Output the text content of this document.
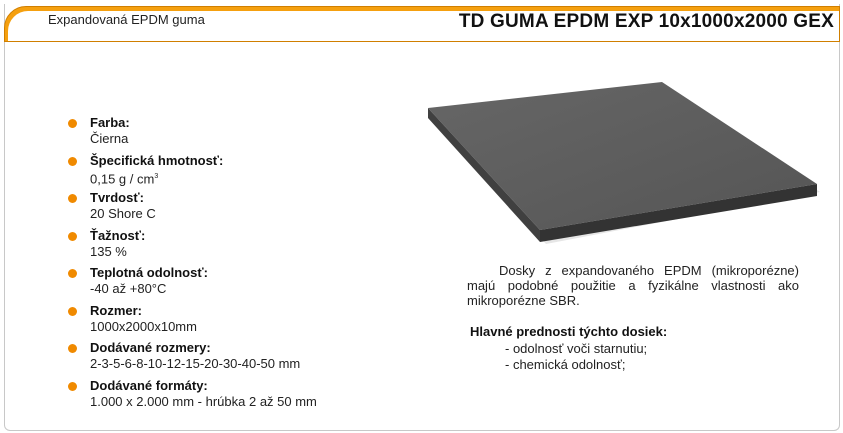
Expandovaná EPDM guma	TD GUMA EPDM EXP 10x1000x2000 GEX
Farba:
Čierna
Špecifická hmotnosť:
0,15 g / $cm^3$
Tvrdosť:
20 Shore C
Ťažnosť:
135 %
Teplotná odolnosť:
-40 až +80°C
Rozmer:
1000x2000x10mm
Dodávané rozmery:
2-3-5-6-8-10-12-15-20-30-40-50 mm
Dodávané formáty:
1.000 x 2.000 mm - hrúbka 2 až 50 mm

Dosky z expandovaného EPDM (mikroporézne) majú podobné použitie a fyzikálne vlastnosti ako mikroporézne SBR.

Hlavné prednosti týchto dosiek:

- odolnosť voči starnutiu;
- chemická odolnosť;
